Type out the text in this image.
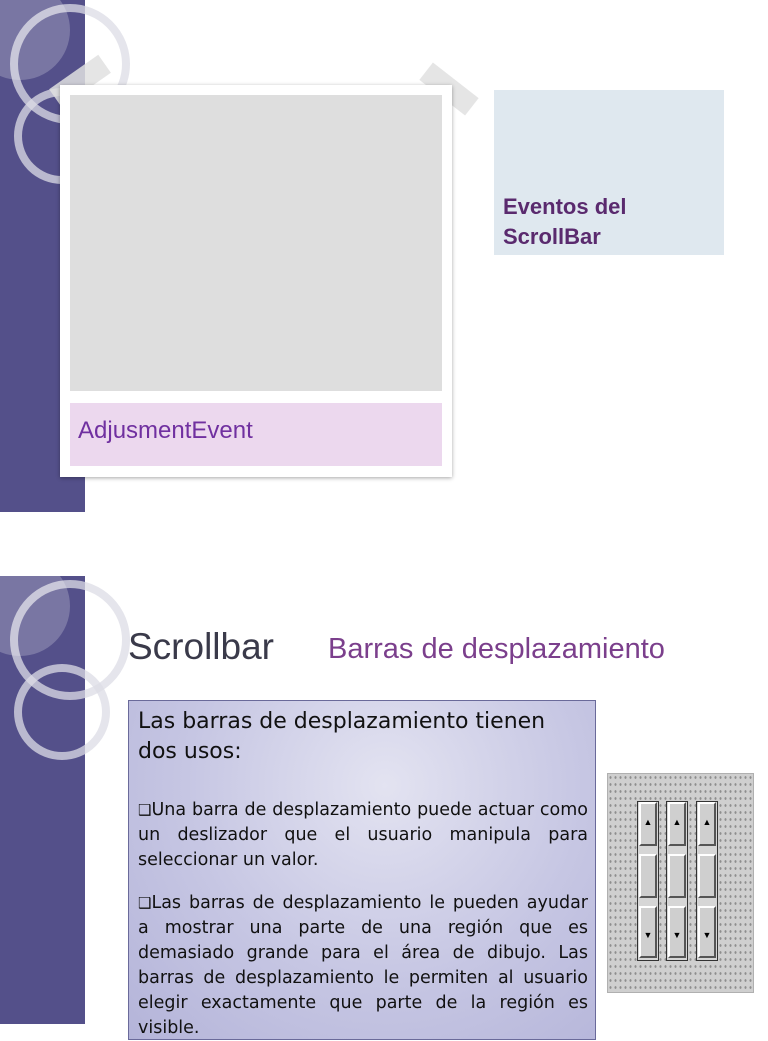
AdjusmentEvent
Eventos del
ScrollBar
Scrollbar Barras de desplazamiento

Las barras de desplazamiento tienen dos usos:

❑Una barra de desplazamiento puede actuar como un deslizador que el usuario manipula para seleccionar un valor.

❑Las barras de desplazamiento le pueden ayudar a mostrar una parte de una región que es demasiado grande para el área de dibujo. Las barras de desplazamiento le permiten al usuario elegir exactamente que parte de la región es visible.

▲
▼
▲
▼
▲
▼
